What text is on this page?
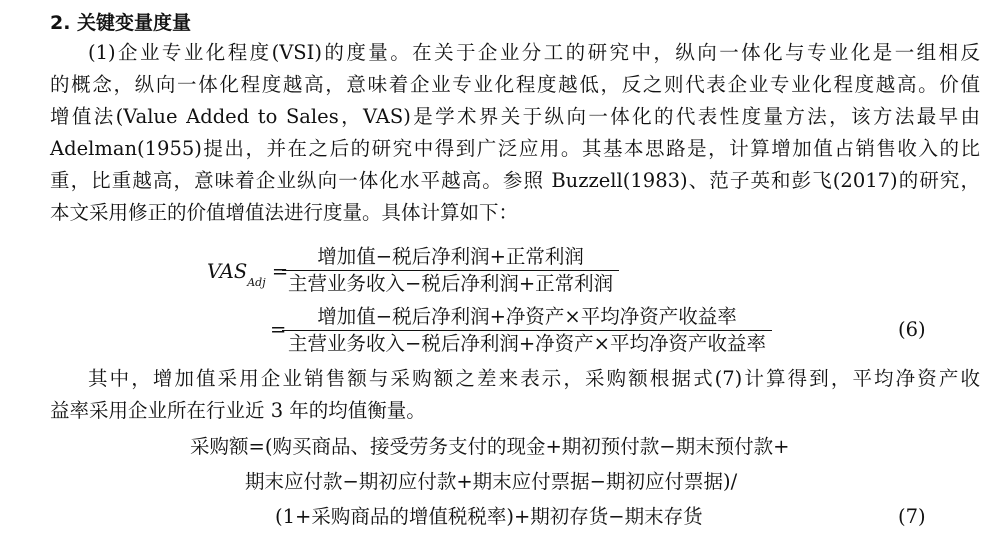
2. 关键变量度量
(1)企业专业化程度(VSI)的度量。在关于企业分工的研究中，纵向一体化与专业化是一组相反
的概念，纵向一体化程度越高，意味着企业专业化程度越低，反之则代表企业专业化程度越高。价值
增值法(Value Added to Sales，VAS)是学术界关于纵向一体化的代表性度量方法，该方法最早由
Adelman(1955)提出，并在之后的研究中得到广泛应用。其基本思路是，计算增加值占销售收入的比
重，比重越高，意味着企业纵向一体化水平越高。参照 Buzzell(1983)、范子英和彭飞(2017)的研究，
本文采用修正的价值增值法进行度量。具体计算如下：
$VAS_{Adj}$ =
增加值−税后净利润+正常利润
主营业务收入−税后净利润+正常利润
=
增加值−税后净利润+净资产×平均净资产收益率
主营业务收入−税后净利润+净资产×平均净资产收益率
(6)
其中，增加值采用企业销售额与采购额之差来表示，采购额根据式(7)计算得到，平均净资产收
益率采用企业所在行业近 3 年的均值衡量。
采购额=(购买商品、接受劳务支付的现金+期初预付款−期末预付款+
期末应付款−期初应付款+期末应付票据−期初应付票据)/
(1+采购商品的增值税税率)+期初存货−期末存货	(7)
